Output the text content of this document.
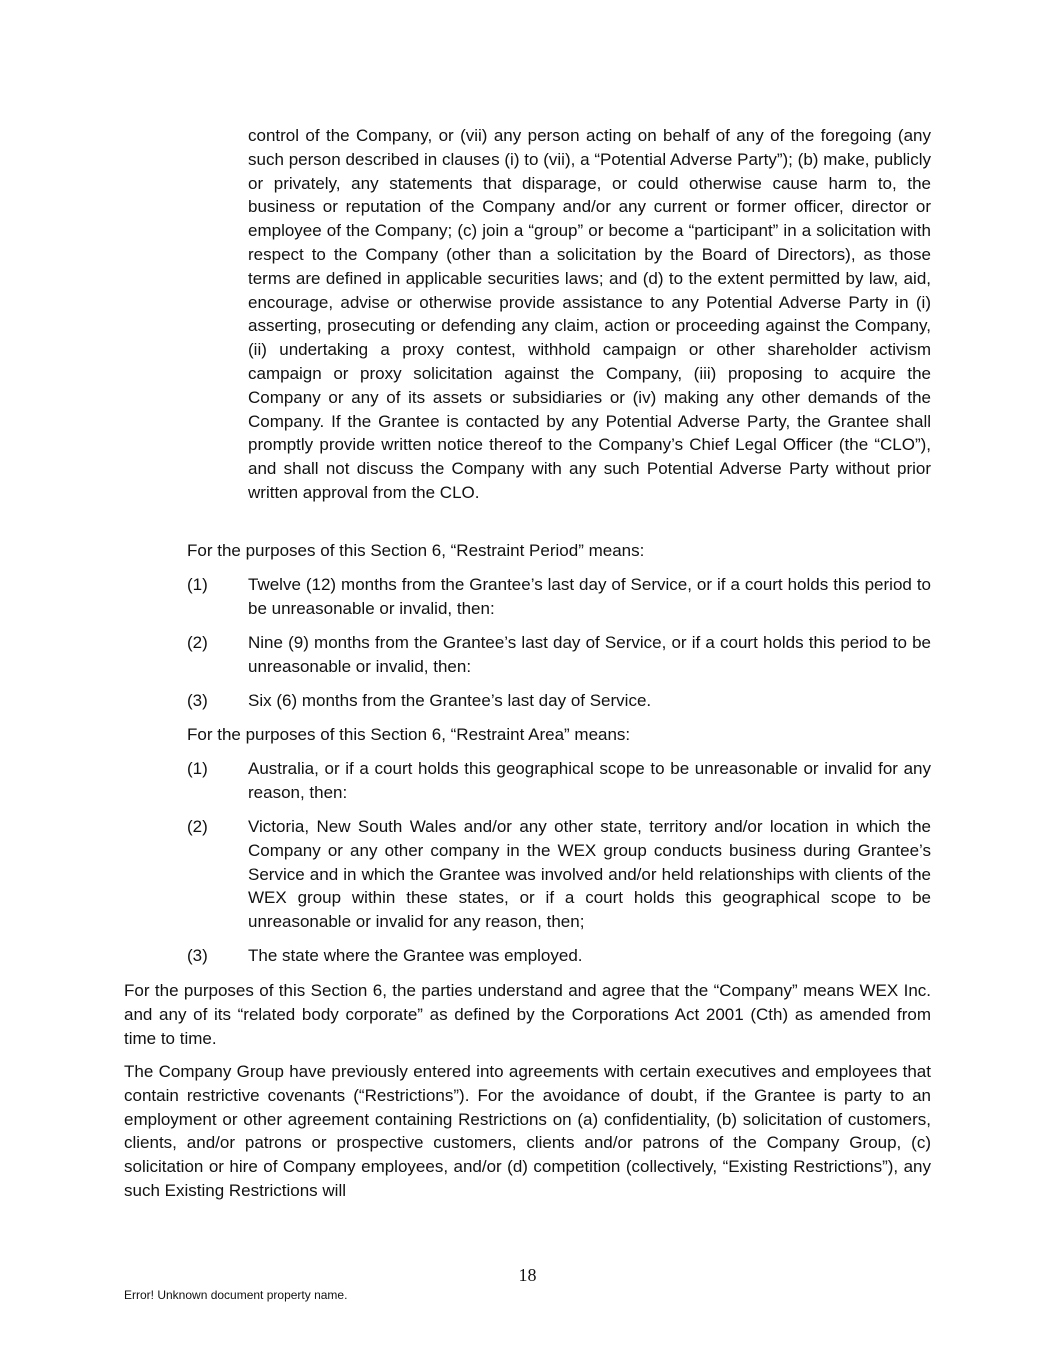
control of the Company, or (vii) any person acting on behalf of any of the foregoing (any such person described in clauses (i) to (vii), a “Potential Adverse Party”); (b) make, publicly or privately, any statements that disparage, or could otherwise cause harm to, the business or reputation of the Company and/or any current or former officer, director or employee of the Company; (c) join a “group” or become a “participant” in a solicitation with respect to the Company (other than a solicitation by the Board of Directors), as those terms are defined in applicable securities laws; and (d) to the extent permitted by law, aid, encourage, advise or otherwise provide assistance to any Potential Adverse Party in (i) asserting, prosecuting or defending any claim, action or proceeding against the Company, (ii) undertaking a proxy contest, withhold campaign or other shareholder activism campaign or proxy solicitation against the Company, (iii) proposing to acquire the Company or any of its assets or subsidiaries or (iv) making any other demands of the Company. If the Grantee is contacted by any Potential Adverse Party, the Grantee shall promptly provide written notice thereof to the Company’s Chief Legal Officer (the “CLO”), and shall not discuss the Company with any such Potential Adverse Party without prior written approval from the CLO.

For the purposes of this Section 6, “Restraint Period” means:

(1)	Twelve (12) months from the Grantee’s last day of Service, or if a court holds this period to be unreasonable or invalid, then:
(2)	Nine (9) months from the Grantee’s last day of Service, or if a court holds this period to be unreasonable or invalid, then:
(3)	Six (6) months from the Grantee’s last day of Service.

For the purposes of this Section 6, “Restraint Area” means:

(1)	Australia, or if a court holds this geographical scope to be unreasonable or invalid for any reason, then:
(2)	Victoria, New South Wales and/or any other state, territory and/or location in which the Company or any other company in the WEX group conducts business during Grantee’s Service and in which the Grantee was involved and/or held relationships with clients of the WEX group within these states, or if a court holds this geographical scope to be unreasonable or invalid for any reason, then;
(3)	The state where the Grantee was employed.

For the purposes of this Section 6, the parties understand and agree that the “Company” means WEX Inc. and any of its “related body corporate” as defined by the Corporations Act 2001 (Cth) as amended from time to time.

The Company Group have previously entered into agreements with certain executives and employees that contain restrictive covenants (“Restrictions”). For the avoidance of doubt, if the Grantee is party to an employment or other agreement containing Restrictions on (a) confidentiality, (b) solicitation of customers, clients, and/or patrons or prospective customers, clients and/or patrons of the Company Group, (c) solicitation or hire of Company employees, and/or (d) competition (collectively, “Existing Restrictions”), any such Existing Restrictions will

18
Error! Unknown document property name.
